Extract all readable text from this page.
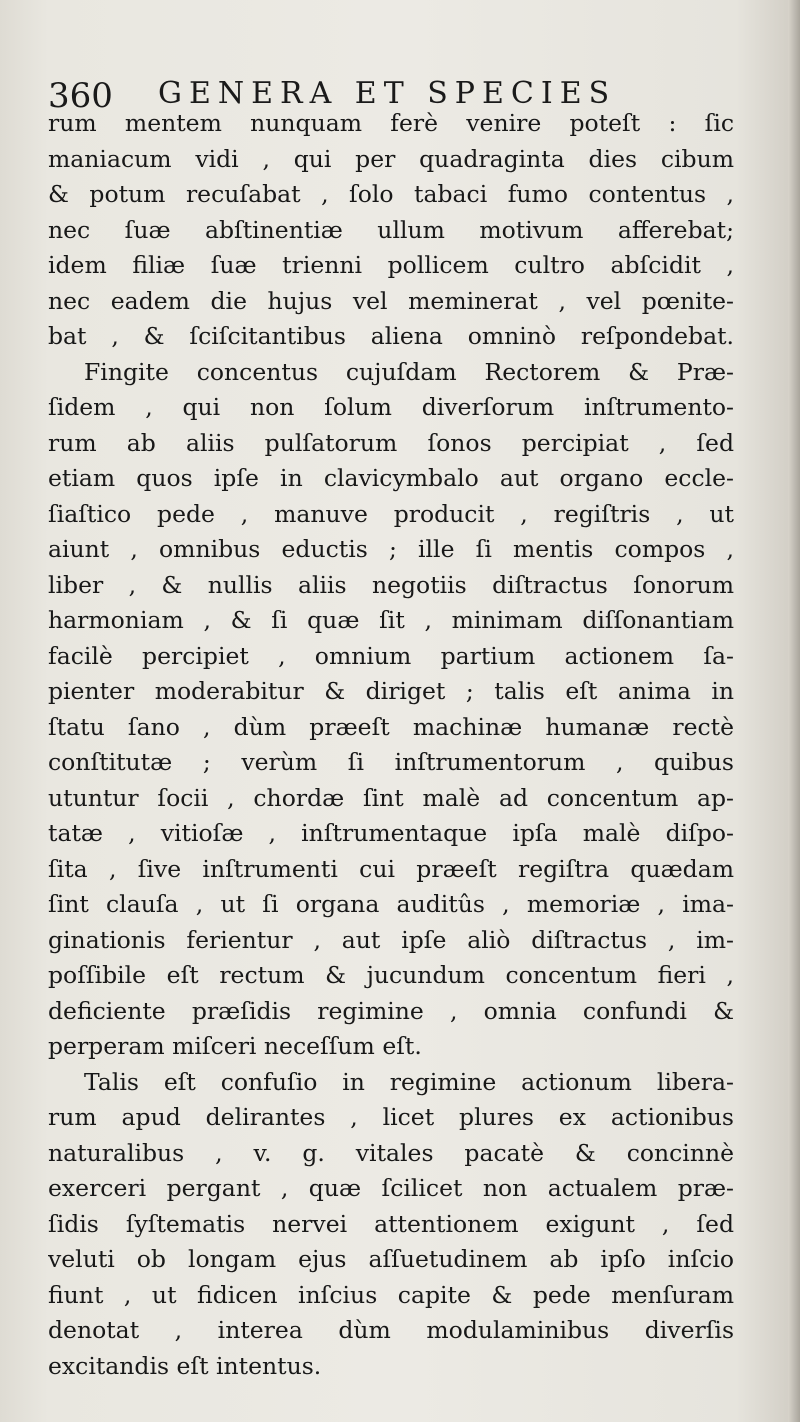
360 GENERA ET SPECIES
rum mentem nunquam ferè venire poteſt : ſic
maniacum vidi , qui per quadraginta dies cibum
& potum recuſabat , ſolo tabaci fumo contentus ,
nec ſuæ abſtinentiæ ullum motivum afferebat;
idem filiæ ſuæ trienni pollicem cultro abſcidit ,
nec eadem die hujus vel meminerat , vel pœnite-
bat , & ſciſcitantibus aliena omninò reſpondebat.
Fingite concentus cujuſdam Rectorem & Præ-
ſidem , qui non ſolum diverſorum inſtrumento-
rum ab aliis pulſatorum ſonos percipiat , ſed
etiam quos ipſe in clavicymbalo aut organo eccle-
ſiaſtico pede , manuve producit , regiſtris , ut
aiunt , omnibus eductis ; ille ſi mentis compos ,
liber , & nullis aliis negotiis diſtractus ſonorum
harmoniam , & ſi quæ ſit , minimam diſſonantiam
facilè percipiet , omnium partium actionem ſa-
pienter moderabitur & diriget ; talis eſt anima in
ſtatu ſano , dùm præeſt machinæ humanæ rectè
conſtitutæ ; verùm ſi inſtrumentorum , quibus
utuntur ſocii , chordæ ſint malè ad concentum ap-
tatæ , vitioſæ , inſtrumentaque ipſa malè diſpo-
ſita , ſive inſtrumenti cui præeſt regiſtra quædam
ſint clauſa , ut ſi organa auditûs , memoriæ , ima-
ginationis ferientur , aut ipſe aliò diſtractus , im-
poſſibile eſt rectum & jucundum concentum fieri ,
deficiente præſidis regimine , omnia confundi &
perperam miſceri neceſſum eſt.
Talis eſt confuſio in regimine actionum libera-
rum apud delirantes , licet plures ex actionibus
naturalibus , v. g. vitales pacatè & concinnè
exerceri pergant , quæ ſcilicet non actualem præ-
ſidis ſyſtematis nervei attentionem exigunt , ſed
veluti ob longam ejus aſſuetudinem ab ipſo inſcio
fiunt , ut fidicen inſcius capite & pede menſuram
denotat , interea dùm modulaminibus diverſis
excitandis eſt intentus.
